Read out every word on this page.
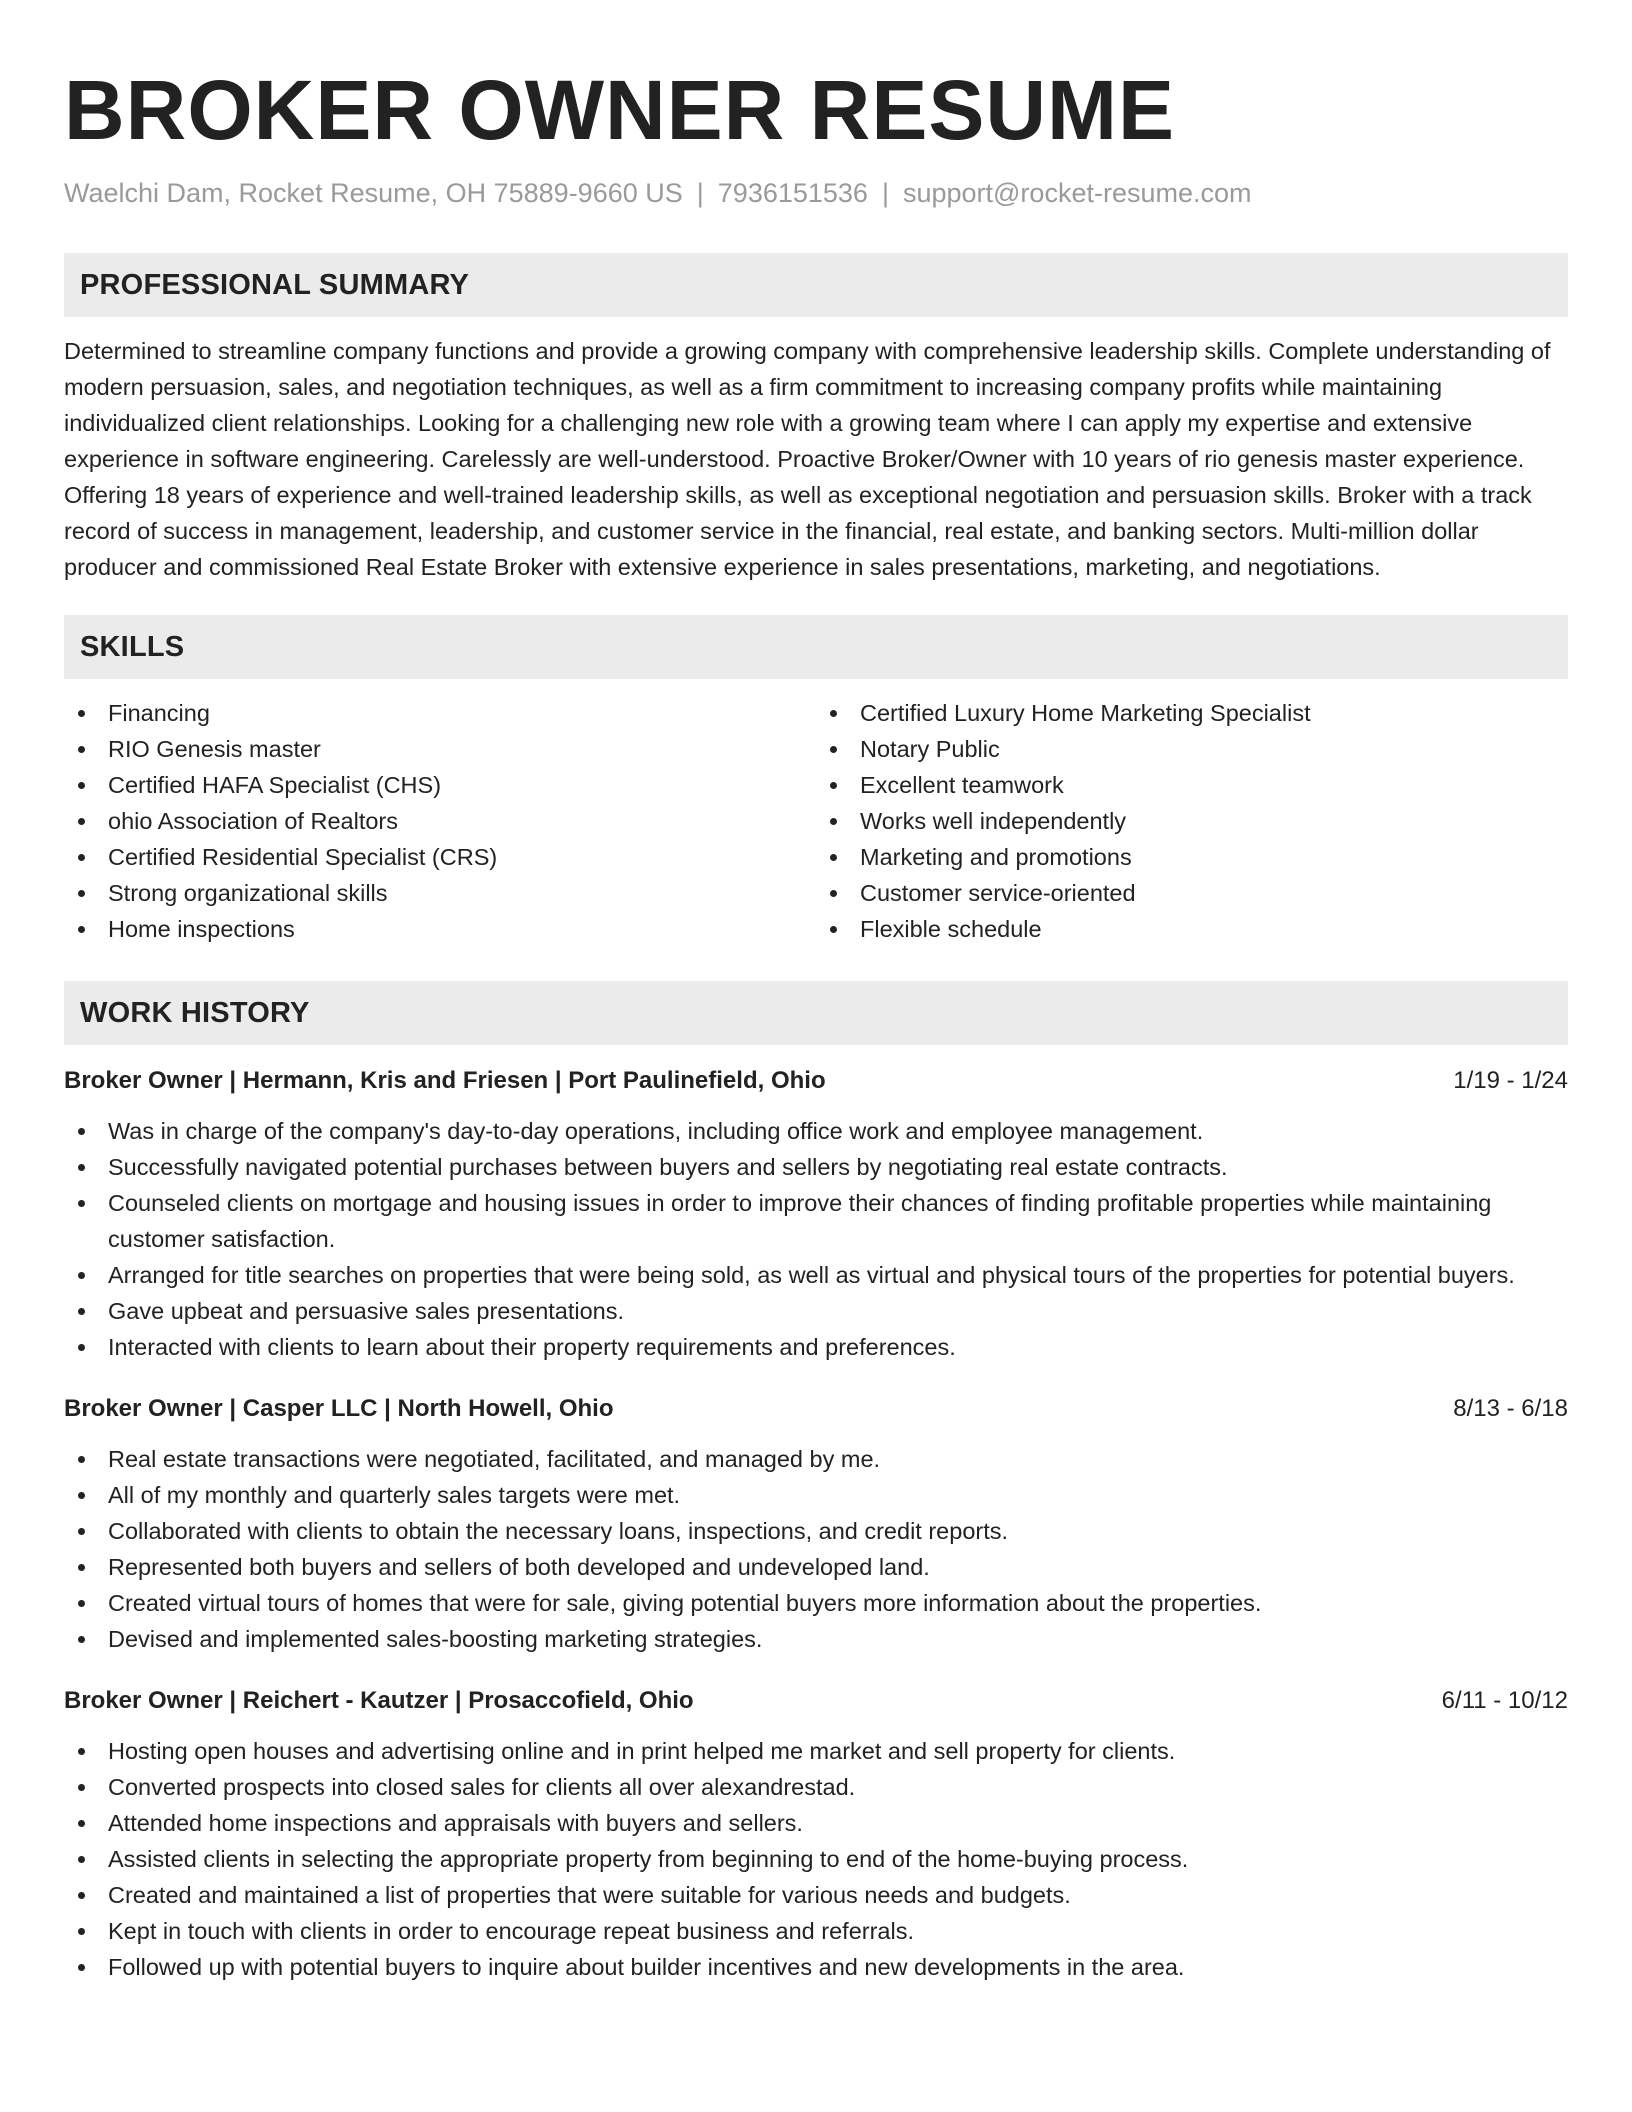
BROKER OWNER RESUME
Waelchi Dam, Rocket Resume, OH 75889-9660 US | 7936151536 | support@rocket-resume.com
PROFESSIONAL SUMMARY
Determined to streamline company functions and provide a growing company with comprehensive leadership skills. Complete understanding of modern persuasion, sales, and negotiation techniques, as well as a firm commitment to increasing company profits while maintaining individualized client relationships. Looking for a challenging new role with a growing team where I can apply my expertise and extensive experience in software engineering. Carelessly are well-understood. Proactive Broker/Owner with 10 years of rio genesis master experience. Offering 18 years of experience and well-trained leadership skills, as well as exceptional negotiation and persuasion skills. Broker with a track record of success in management, leadership, and customer service in the financial, real estate, and banking sectors. Multi-million dollar producer and commissioned Real Estate Broker with extensive experience in sales presentations, marketing, and negotiations.
SKILLS
Financing
RIO Genesis master
Certified HAFA Specialist (CHS)
ohio Association of Realtors
Certified Residential Specialist (CRS)
Strong organizational skills
Home inspections
Certified Luxury Home Marketing Specialist
Notary Public
Excellent teamwork
Works well independently
Marketing and promotions
Customer service-oriented
Flexible schedule
WORK HISTORY
Broker Owner | Hermann, Kris and Friesen | Port Paulinefield, Ohio	1/19 - 1/24
Was in charge of the company's day-to-day operations, including office work and employee management.
Successfully navigated potential purchases between buyers and sellers by negotiating real estate contracts.
Counseled clients on mortgage and housing issues in order to improve their chances of finding profitable properties while maintaining customer satisfaction.
Arranged for title searches on properties that were being sold, as well as virtual and physical tours of the properties for potential buyers.
Gave upbeat and persuasive sales presentations.
Interacted with clients to learn about their property requirements and preferences.
Broker Owner | Casper LLC | North Howell, Ohio	8/13 - 6/18
Real estate transactions were negotiated, facilitated, and managed by me.
All of my monthly and quarterly sales targets were met.
Collaborated with clients to obtain the necessary loans, inspections, and credit reports.
Represented both buyers and sellers of both developed and undeveloped land.
Created virtual tours of homes that were for sale, giving potential buyers more information about the properties.
Devised and implemented sales-boosting marketing strategies.
Broker Owner | Reichert - Kautzer | Prosaccofield, Ohio	6/11 - 10/12
Hosting open houses and advertising online and in print helped me market and sell property for clients.
Converted prospects into closed sales for clients all over alexandrestad.
Attended home inspections and appraisals with buyers and sellers.
Assisted clients in selecting the appropriate property from beginning to end of the home-buying process.
Created and maintained a list of properties that were suitable for various needs and budgets.
Kept in touch with clients in order to encourage repeat business and referrals.
Followed up with potential buyers to inquire about builder incentives and new developments in the area.
